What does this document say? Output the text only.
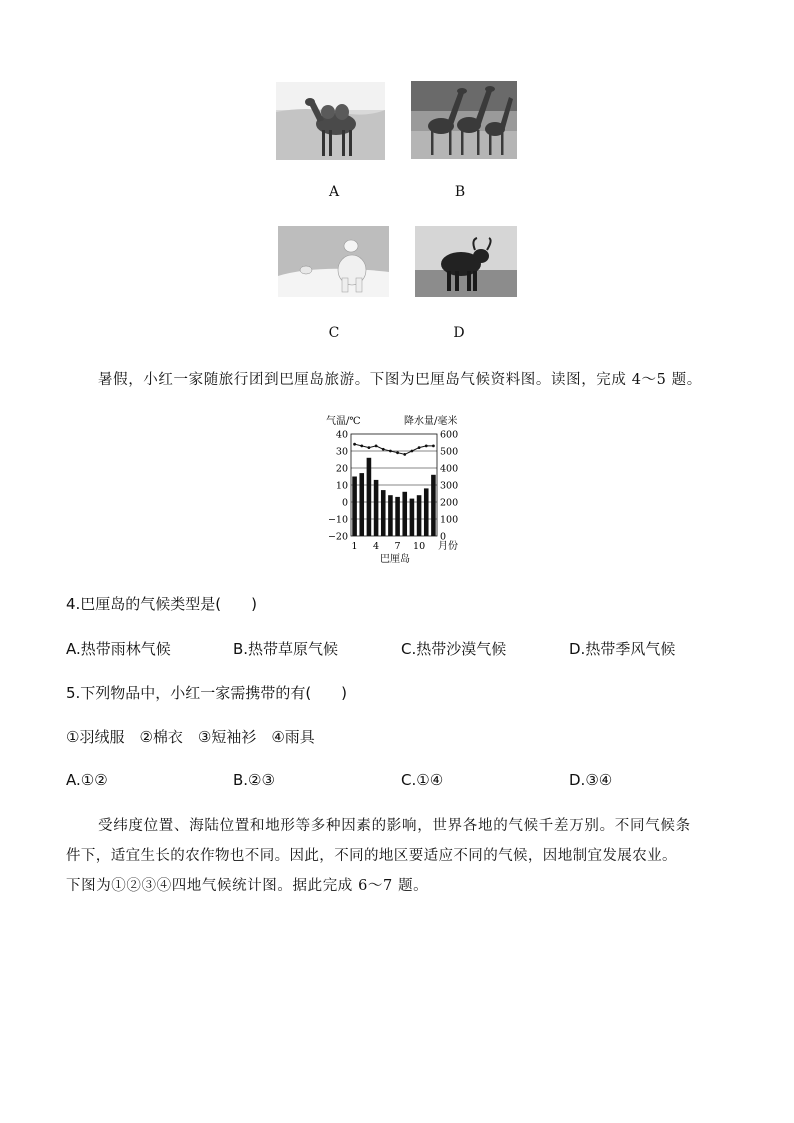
A	B
C	D
暑假，小红一家随旅行团到巴厘岛旅游。下图为巴厘岛气候资料图。读图，完成 4～5 题。
气温/℃	降水量/毫米
40
30
20
10
0
−10
−20
600
500
400
300
200
100
0
1 4 7 10 月份
巴厘岛
4.巴厘岛的气候类型是(　　)
A.热带雨林气候	B.热带草原气候	C.热带沙漠气候	D.热带季风气候
5.下列物品中，小红一家需携带的有(　　)
①羽绒服　②棉衣　③短袖衫　④雨具
A.①②	B.②③	C.①④	D.③④
受纬度位置、海陆位置和地形等多种因素的影响，世界各地的气候千差万别。不同气候条
件下，适宜生长的农作物也不同。因此，不同的地区要适应不同的气候，因地制宜发展农业。
下图为①②③④四地气候统计图。据此完成 6～7 题。
